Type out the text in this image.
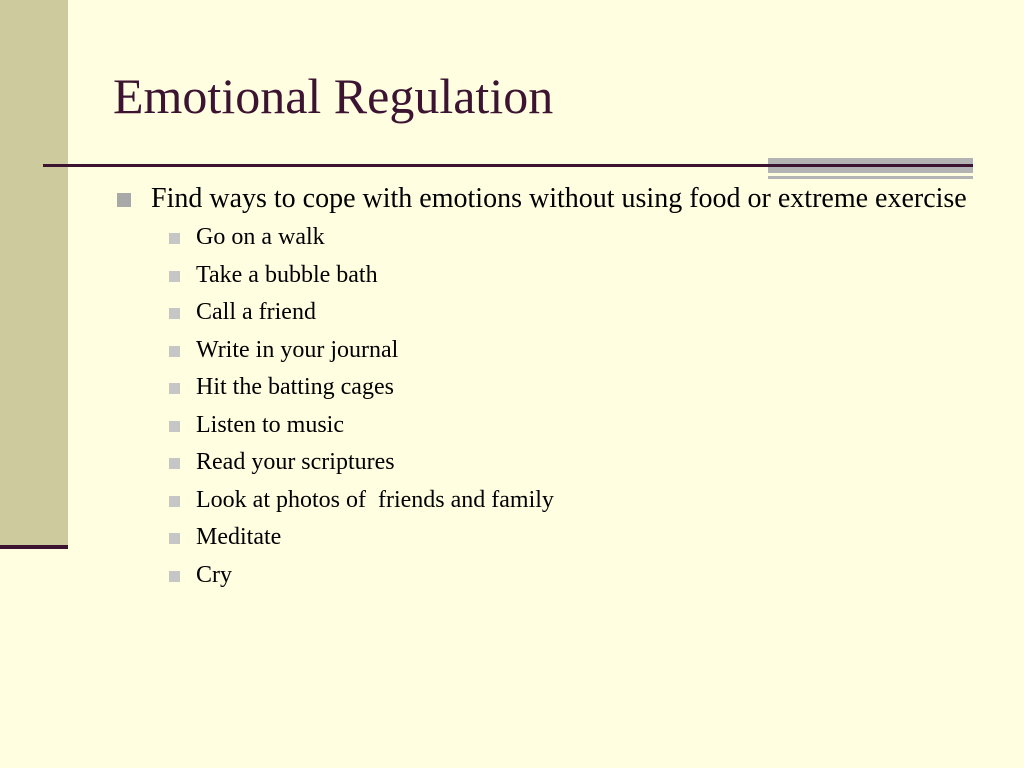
Emotional Regulation
Find ways to cope with emotions without using food or extreme exercise
Go on a walk
Take a bubble bath
Call a friend
Write in your journal
Hit the batting cages
Listen to music
Read your scriptures
Look at photos of  friends and family
Meditate
Cry
